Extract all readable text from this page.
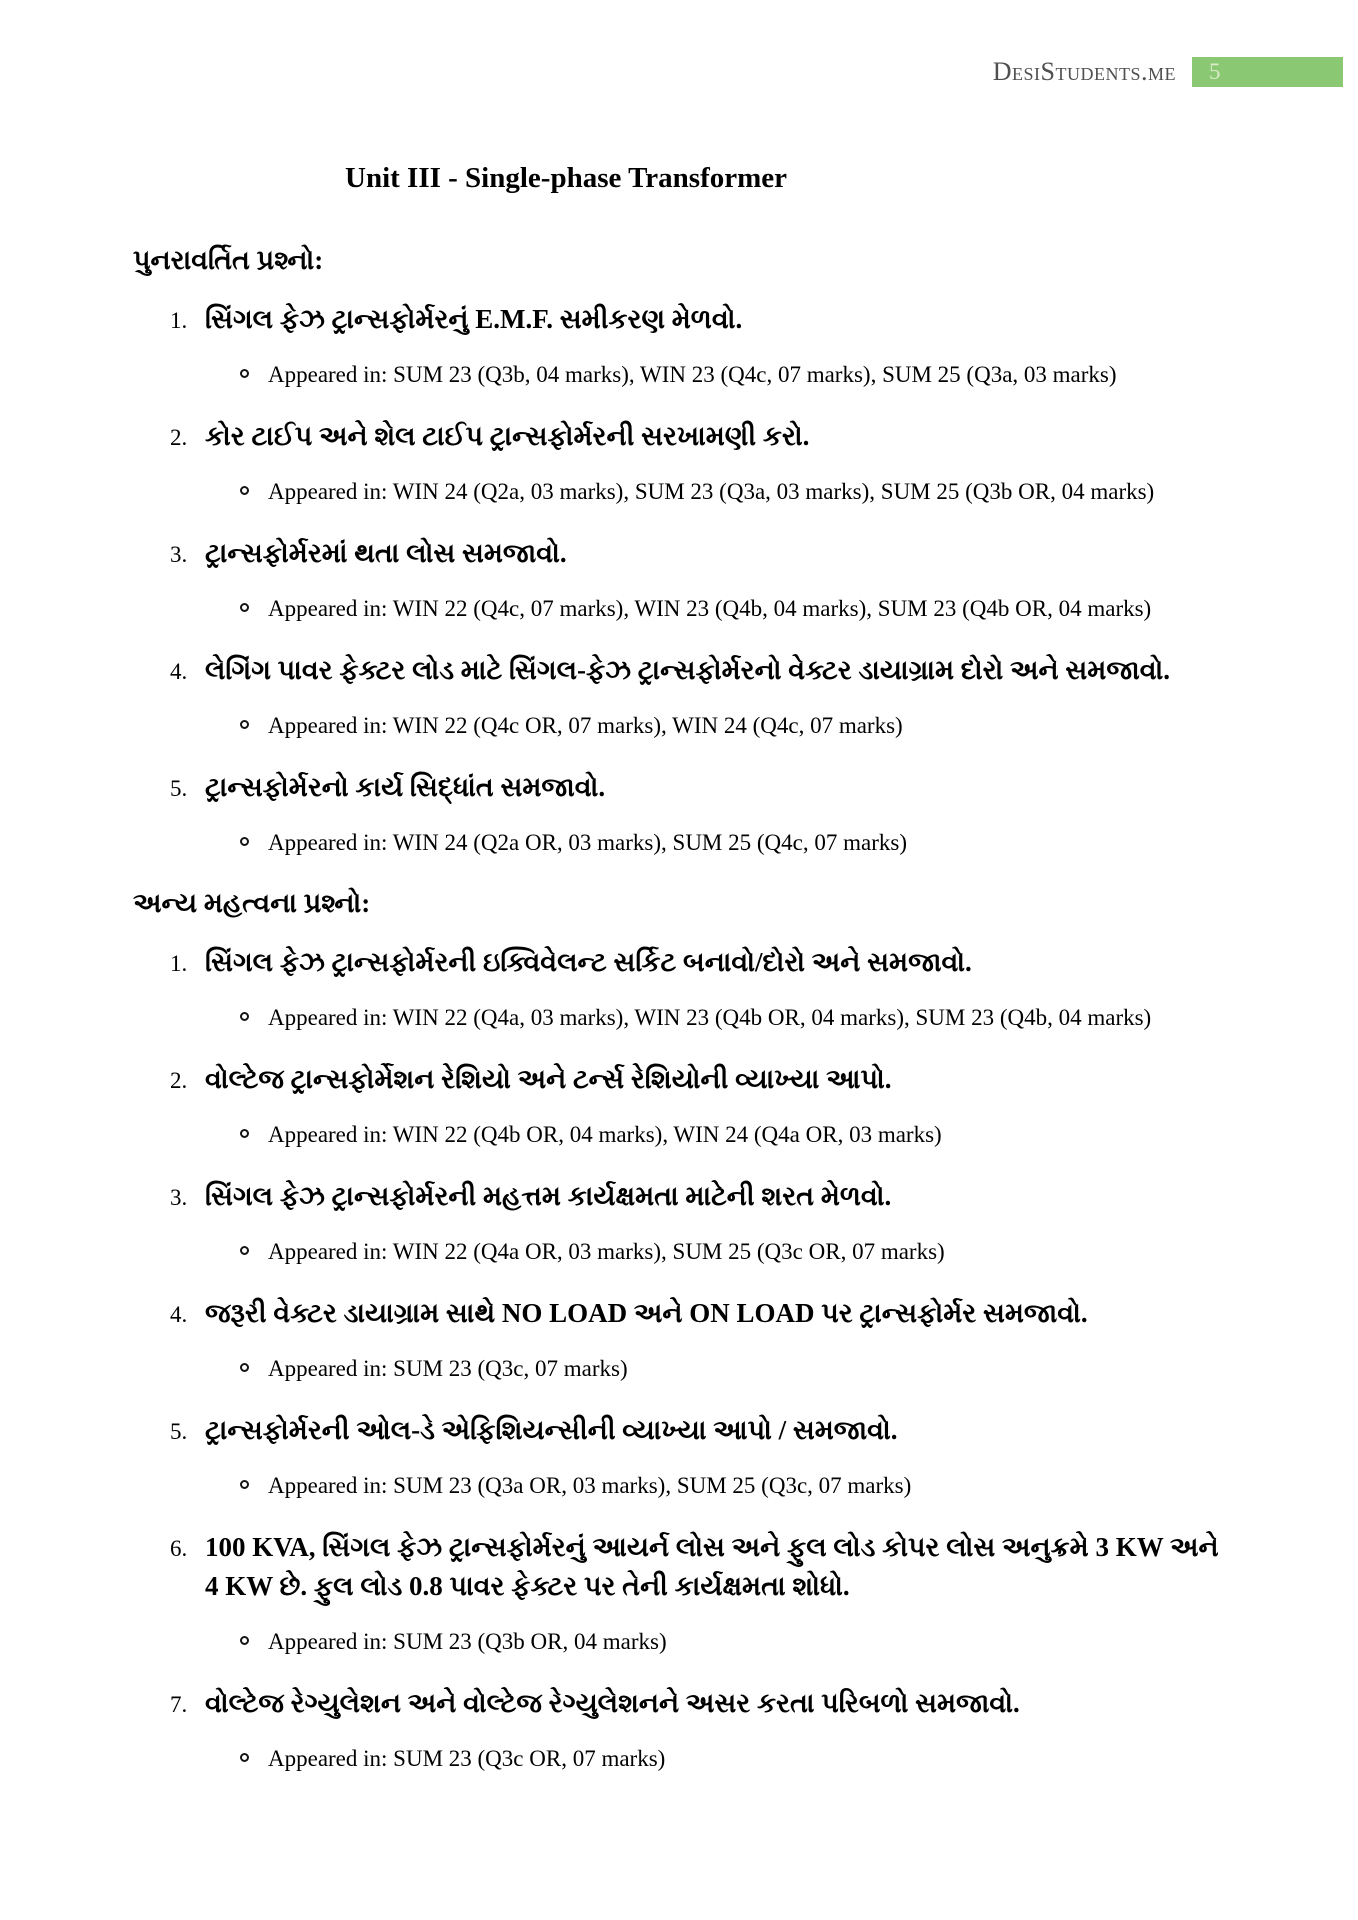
DesiStudents.me	5
Unit III - Single-phase Transformer
પુનરાવર્તિત પ્રશ્નો:
1. સિંગલ ફેઝ ટ્રાન્સફોર્મરનું E.M.F. સમીકરણ મેળવો.
Appeared in: SUM 23 (Q3b, 04 marks), WIN 23 (Q4c, 07 marks), SUM 25 (Q3a, 03 marks)
2. કોર ટાઈપ અને શેલ ટાઈપ ટ્રાન્સફોર્મરની સરખામણી કરો.
Appeared in: WIN 24 (Q2a, 03 marks), SUM 23 (Q3a, 03 marks), SUM 25 (Q3b OR, 04 marks)
3. ટ્રાન્સફોર્મરમાં થતા લોસ સમજાવો.
Appeared in: WIN 22 (Q4c, 07 marks), WIN 23 (Q4b, 04 marks), SUM 23 (Q4b OR, 04 marks)
4. લેગિંગ પાવર ફેક્ટર લોડ માટે સિંગલ-ફેઝ ટ્રાન્સફોર્મરનો વેક્ટર ડાયાગ્રામ દોરો અને સમજાવો.
Appeared in: WIN 22 (Q4c OR, 07 marks), WIN 24 (Q4c, 07 marks)
5. ટ્રાન્સફોર્મરનો કાર્ય સિદ્ધાંત સમજાવો.
Appeared in: WIN 24 (Q2a OR, 03 marks), SUM 25 (Q4c, 07 marks)
અન્ય મહત્વના પ્રશ્નો:
1. સિંગલ ફેઝ ટ્રાન્સફોર્મરની ઇક્વિવેલન્ટ સર્કિટ બનાવો/દોરો અને સમજાવો.
Appeared in: WIN 22 (Q4a, 03 marks), WIN 23 (Q4b OR, 04 marks), SUM 23 (Q4b, 04 marks)
2. વોલ્ટેજ ટ્રાન્સફોર્મેશન રેશિયો અને ટર્ન્સ રેશિયોની વ્યાખ્યા આપો.
Appeared in: WIN 22 (Q4b OR, 04 marks), WIN 24 (Q4a OR, 03 marks)
3. સિંગલ ફેઝ ટ્રાન્સફોર્મરની મહત્તમ કાર્યક્ષમતા માટેની શરત મેળવો.
Appeared in: WIN 22 (Q4a OR, 03 marks), SUM 25 (Q3c OR, 07 marks)
4. જરૂરી વેક્ટર ડાયાગ્રામ સાથે NO LOAD અને ON LOAD પર ટ્રાન્સફોર્મર સમજાવો.
Appeared in: SUM 23 (Q3c, 07 marks)
5. ટ્રાન્સફોર્મરની ઓલ-ડે એફિશિયન્સીની વ્યાખ્યા આપો / સમજાવો.
Appeared in: SUM 23 (Q3a OR, 03 marks), SUM 25 (Q3c, 07 marks)
6. 100 KVA, સિંગલ ફેઝ ટ્રાન્સફોર્મરનું આયર્ન લોસ અને ફુલ લોડ કોપર લોસ અનુક્રમે 3 KW અને 4 KW છે. ફુલ લોડ 0.8 પાવર ફેક્ટર પર તેની કાર્યક્ષમતા શોધો.
Appeared in: SUM 23 (Q3b OR, 04 marks)
7. વોલ્ટેજ રેગ્યુલેશન અને વોલ્ટેજ રેગ્યુલેશનને અસર કરતા પરિબળો સમજાવો.
Appeared in: SUM 23 (Q3c OR, 07 marks)
